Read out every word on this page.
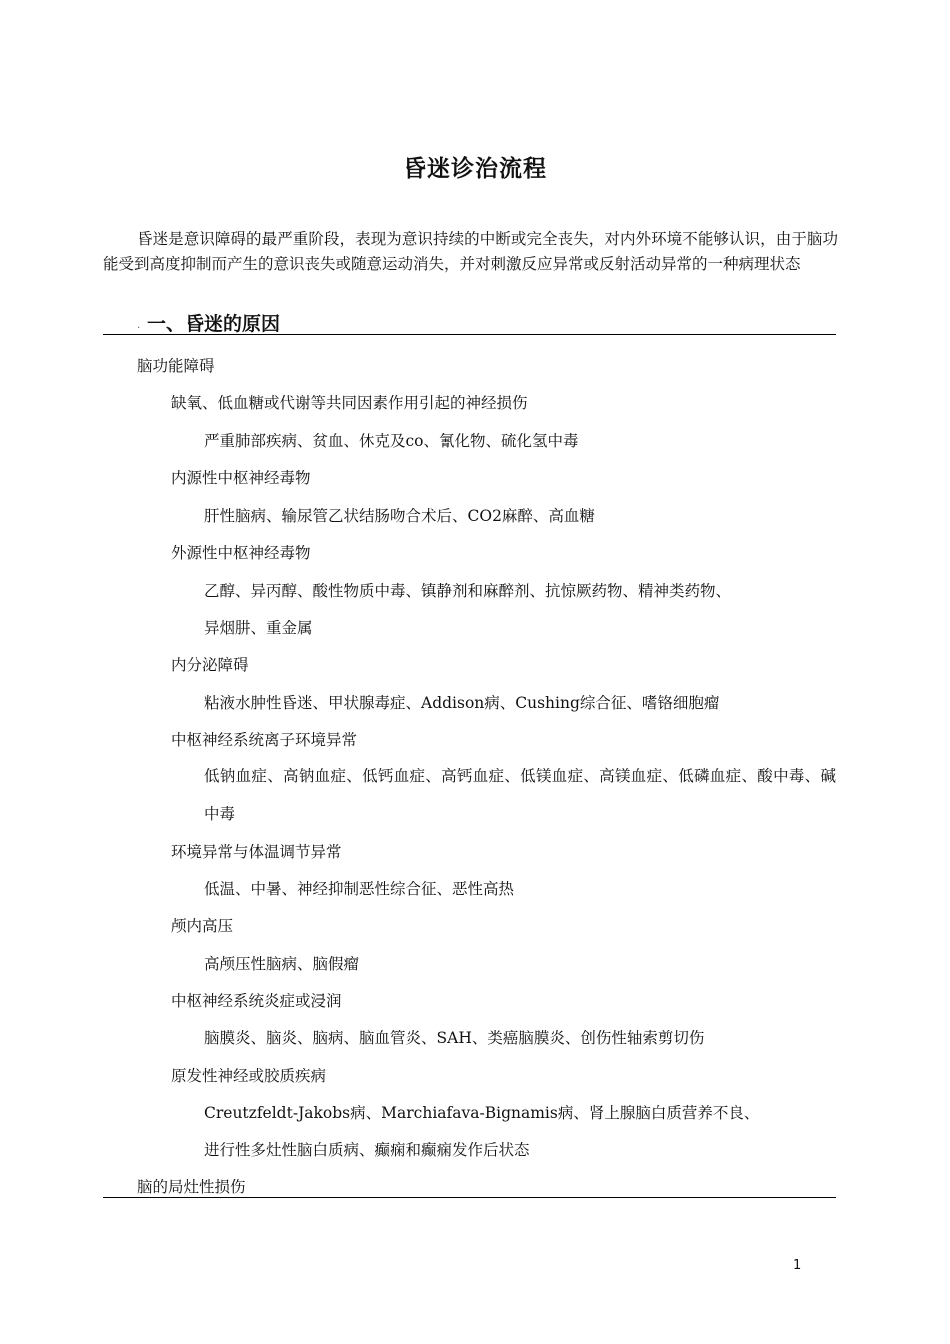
昏迷诊治流程
昏迷是意识障碍的最严重阶段，表现为意识持续的中断或完全丧失，对内外环境不能够认识，由于脑功能受到高度抑制而产生的意识丧失或随意运动消失，并对刺激反应异常或反射活动异常的一种病理状态
. 一、昏迷的原因
脑功能障碍
缺氧、低血糖或代谢等共同因素作用引起的神经损伤
严重肺部疾病、贫血、休克及co、氰化物、硫化氢中毒
内源性中枢神经毒物
肝性脑病、输尿管乙状结肠吻合术后、CO2麻醉、高血糖
外源性中枢神经毒物
乙醇、异丙醇、酸性物质中毒、镇静剂和麻醉剂、抗惊厥药物、精神类药物、
异烟肼、重金属
内分泌障碍
粘液水肿性昏迷、甲状腺毒症、Addison病、Cushing综合征、嗜铬细胞瘤
中枢神经系统离子环境异常
低钠血症、高钠血症、低钙血症、高钙血症、低镁血症、高镁血症、低磷血症、酸中毒、碱中毒
环境异常与体温调节异常
低温、中暑、神经抑制恶性综合征、恶性高热
颅内高压
高颅压性脑病、脑假瘤
中枢神经系统炎症或浸润
脑膜炎、脑炎、脑病、脑血管炎、SAH、类癌脑膜炎、创伤性轴索剪切伤
原发性神经或胶质疾病
Creutzfeldt-Jakobs病、Marchiafava-Bignamis病、肾上腺脑白质营养不良、
进行性多灶性脑白质病、癫痫和癫痫发作后状态
脑的局灶性损伤
1
